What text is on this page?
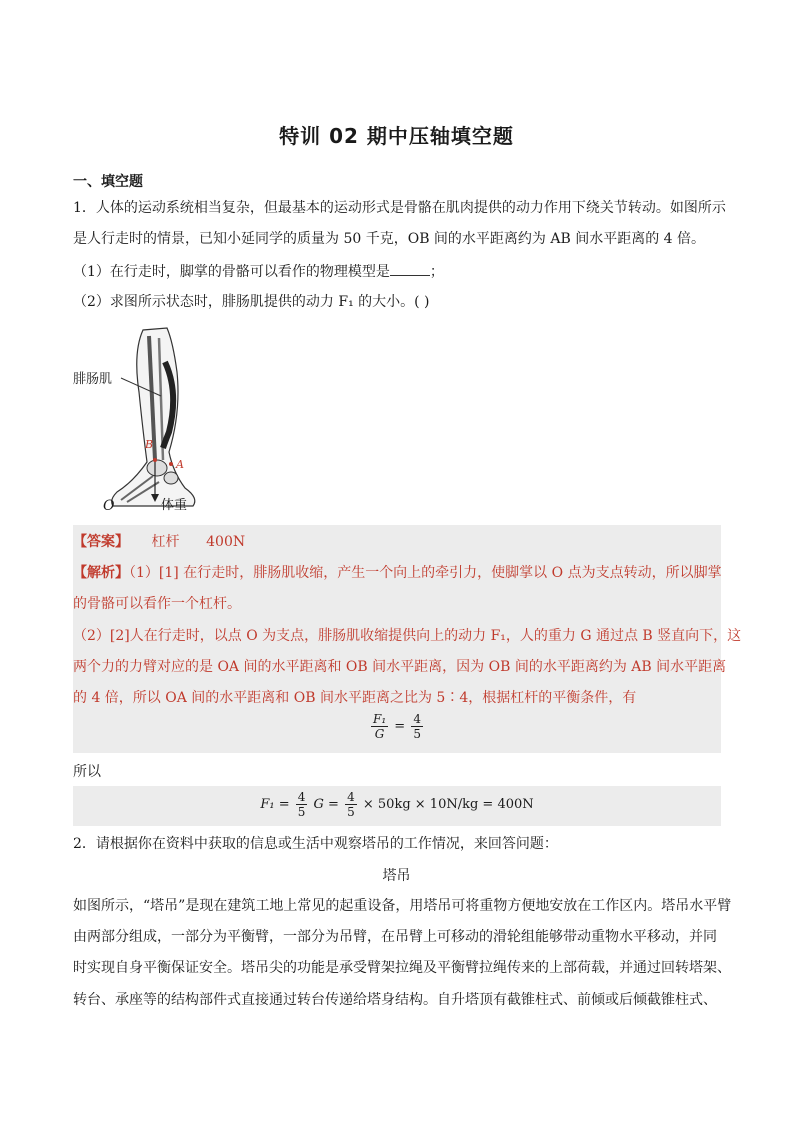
特训 02 期中压轴填空题
一、填空题
1．人体的运动系统相当复杂，但最基本的运动形式是骨骼在肌肉提供的动力作用下绕关节转动。如图所示
是人行走时的情景，已知小延同学的质量为 50 千克，OB 间的水平距离约为 AB 间水平距离的 4 倍。
（1）在行走时，脚掌的骨骼可以看作的物理模型是	；
（2）求图所示状态时，腓肠肌提供的动力 F₁ 的大小。( )
腓肠肌
B
A
O	体重
【答案】 杠杆      400N
【解析】（1）[1] 在行走时，腓肠肌收缩，产生一个向上的牵引力，使脚掌以 O 点为支点转动，所以脚掌
的骨骼可以看作一个杠杆。
（2）[2]人在行走时，以点 O 为支点，腓肠肌收缩提供向上的动力 F₁，人的重力 G 通过点 B 竖直向下，这
两个力的力臂对应的是 OA 间的水平距离和 OB 间水平距离，因为 OB 间的水平距离约为 AB 间水平距离
的 4 倍，所以 OA 间的水平距离和 OB 间水平距离之比为 5∶4，根据杠杆的平衡条件，有
$\frac{\text{F₁}}{G} = \frac{4}{5}$
所以
$F_1 = \frac{4}{5}$ $G = \frac{4}{5} \times 50kg \times 10N/kg = 400N$
2．请根据你在资料中获取的信息或生活中观察塔吊的工作情况，来回答问题：
塔吊
如图所示，“塔吊”是现在建筑工地上常见的起重设备，用塔吊可将重物方便地安放在工作区内。塔吊水平臂
由两部分组成，一部分为平衡臂，一部分为吊臂，在吊臂上可移动的滑轮组能够带动重物水平移动，并同
时实现自身平衡保证安全。塔吊尖的功能是承受臂架拉绳及平衡臂拉绳传来的上部荷载，并通过回转塔架、
转台、承座等的结构部件式直接通过转台传递给塔身结构。自升塔顶有截锥柱式、前倾或后倾截锥柱式、
